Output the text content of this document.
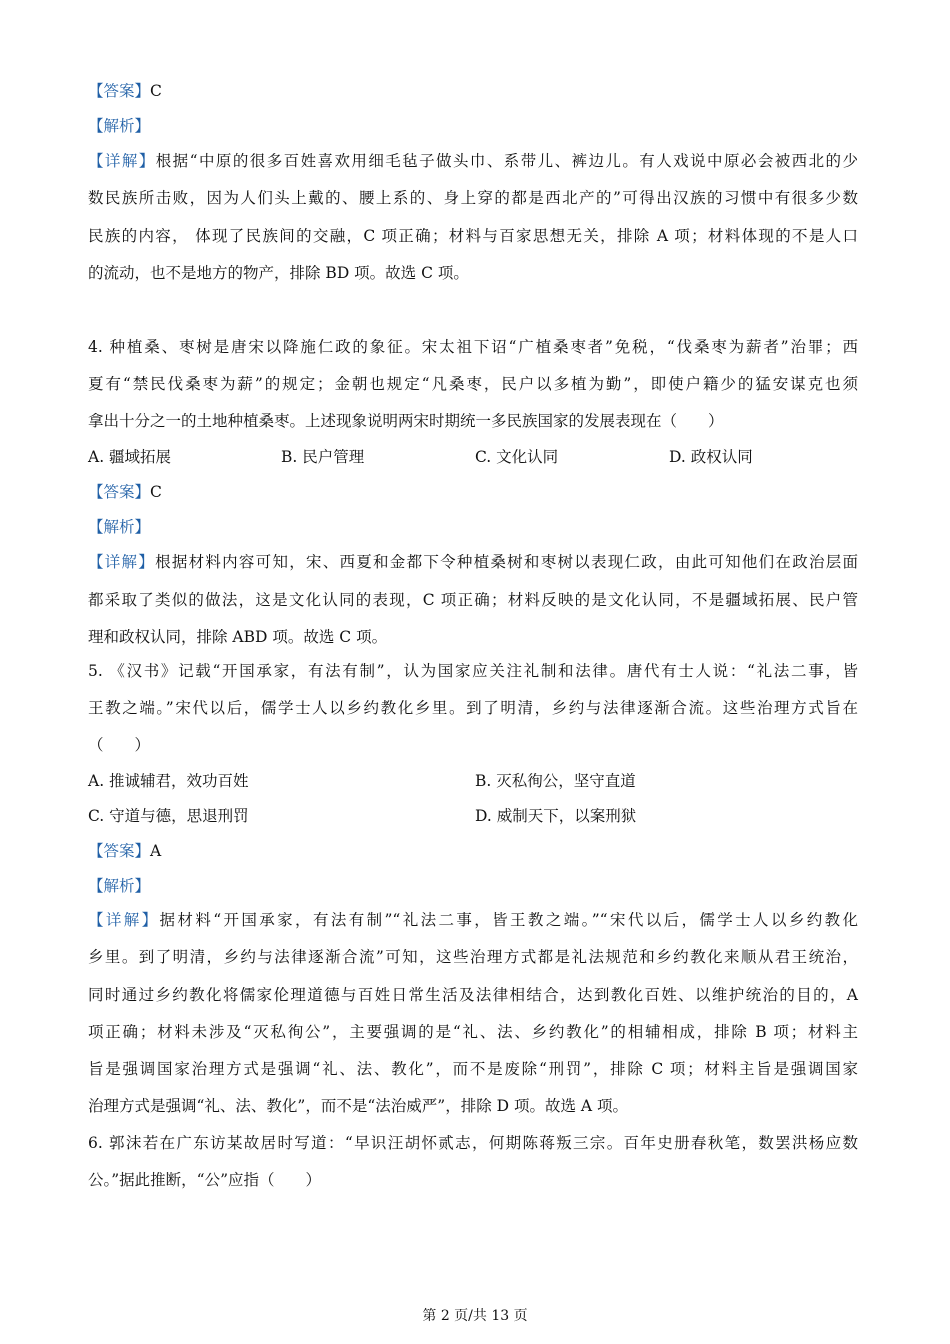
【答案】C
【解析】
【详解】根据“中原的很多百姓喜欢用细毛毡子做头巾、系带儿、裤边儿。有人戏说中原必会被西北的少
数民族所击败，因为人们头上戴的、腰上系的、身上穿的都是西北产的”可得出汉族的习惯中有很多少数
民族的内容， 体现了民族间的交融，C 项正确；材料与百家思想无关，排除 A 项；材料体现的不是人口
的流动，也不是地方的物产，排除 BD 项。故选 C 项。
4. 种植桑、枣树是唐宋以降施仁政的象征。宋太祖下诏“广植桑枣者”免税，“伐桑枣为薪者”治罪；西
夏有“禁民伐桑枣为薪”的规定；金朝也规定“凡桑枣，民户以多植为勤”，即使户籍少的猛安谋克也须
拿出十分之一的土地种植桑枣。上述现象说明两宋时期统一多民族国家的发展表现在（　　）
A. 疆域拓展	B. 民户管理	C. 文化认同	D. 政权认同
【答案】C
【解析】
【详解】根据材料内容可知，宋、西夏和金都下令种植桑树和枣树以表现仁政，由此可知他们在政治层面
都采取了类似的做法，这是文化认同的表现，C 项正确；材料反映的是文化认同，不是疆域拓展、民户管
理和政权认同，排除 ABD 项。故选 C 项。
5. 《汉书》记载“开国承家，有法有制”，认为国家应关注礼制和法律。唐代有士人说：“礼法二事，皆
王教之端。”宋代以后，儒学士人以乡约教化乡里。到了明清，乡约与法律逐渐合流。这些治理方式旨在
（　　）
A. 推诚辅君，效功百姓	B. 灭私徇公，坚守直道
C. 守道与德，思退刑罚	D. 威制天下，以案刑狱
【答案】A
【解析】
【详解】据材料“开国承家，有法有制”“礼法二事，皆王教之端。”“宋代以后，儒学士人以乡约教化
乡里。到了明清，乡约与法律逐渐合流”可知，这些治理方式都是礼法规范和乡约教化来顺从君王统治，
同时通过乡约教化将儒家伦理道德与百姓日常生活及法律相结合，达到教化百姓、以维护统治的目的，A
项正确；材料未涉及“灭私徇公”，主要强调的是“礼、法、乡约教化”的相辅相成，排除 B 项；材料主
旨是强调国家治理方式是强调“礼、法、教化”，而不是废除“刑罚”，排除 C 项；材料主旨是强调国家
治理方式是强调“礼、法、教化”，而不是“法治威严”，排除 D 项。故选 A 项。
6. 郭沫若在广东访某故居时写道：“早识汪胡怀贰志，何期陈蒋叛三宗。百年史册春秋笔，数罢洪杨应数
公。”据此推断，“公”应指（　　）
第 2 页/共 13 页
